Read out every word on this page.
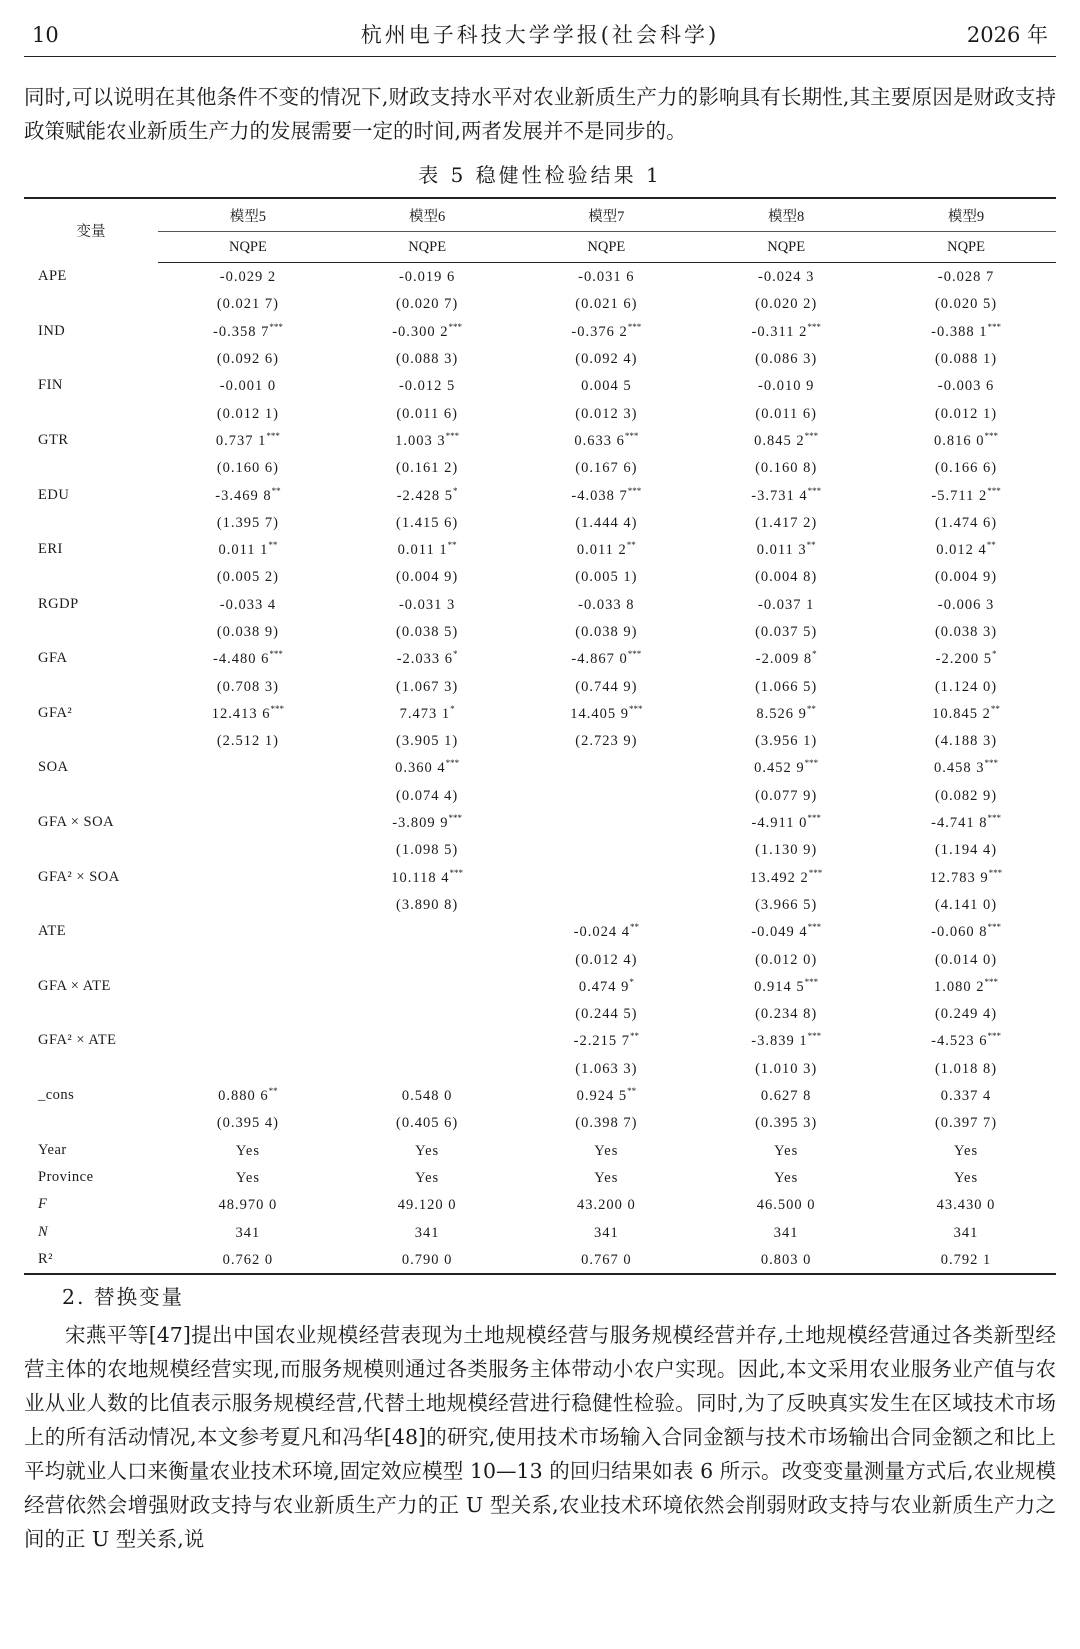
杭州电子科技大学学报(社会科学)
10	2026 年
同时,可以说明在其他条件不变的情况下,财政支持水平对农业新质生产力的影响具有长期性,其主要原因是财政支持政策赋能农业新质生产力的发展需要一定的时间,两者发展并不是同步的。
表 5 稳健性检验结果 1
变量	模型5	模型6	模型7	模型8	模型9
	NQPE	NQPE	NQPE	NQPE	NQPE
APE	-0.029 2	-0.019 6	-0.031 6	-0.024 3	-0.028 7
	(0.021 7)	(0.020 7)	(0.021 6)	(0.020 2)	(0.020 5)
IND	-0.358 7***	-0.300 2***	-0.376 2***	-0.311 2***	-0.388 1***
	(0.092 6)	(0.088 3)	(0.092 4)	(0.086 3)	(0.088 1)
FIN	-0.001 0	-0.012 5	0.004 5	-0.010 9	-0.003 6
	(0.012 1)	(0.011 6)	(0.012 3)	(0.011 6)	(0.012 1)
GTR	0.737 1***	1.003 3***	0.633 6***	0.845 2***	0.816 0***
	(0.160 6)	(0.161 2)	(0.167 6)	(0.160 8)	(0.166 6)
EDU	-3.469 8**	-2.428 5*	-4.038 7***	-3.731 4***	-5.711 2***
	(1.395 7)	(1.415 6)	(1.444 4)	(1.417 2)	(1.474 6)
ERI	0.011 1**	0.011 1**	0.011 2**	0.011 3**	0.012 4**
	(0.005 2)	(0.004 9)	(0.005 1)	(0.004 8)	(0.004 9)
RGDP	-0.033 4	-0.031 3	-0.033 8	-0.037 1	-0.006 3
	(0.038 9)	(0.038 5)	(0.038 9)	(0.037 5)	(0.038 3)
GFA	-4.480 6***	-2.033 6*	-4.867 0***	-2.009 8*	-2.200 5*
	(0.708 3)	(1.067 3)	(0.744 9)	(1.066 5)	(1.124 0)
GFA²	12.413 6***	7.473 1*	14.405 9***	8.526 9**	10.845 2**
	(2.512 1)	(3.905 1)	(2.723 9)	(3.956 1)	(4.188 3)
SOA		0.360 4***		0.452 9***	0.458 3***
		(0.074 4)		(0.077 9)	(0.082 9)
GFA × SOA		-3.809 9***		-4.911 0***	-4.741 8***
		(1.098 5)		(1.130 9)	(1.194 4)
GFA² × SOA		10.118 4***		13.492 2***	12.783 9***
		(3.890 8)		(3.966 5)	(4.141 0)
ATE			-0.024 4**	-0.049 4***	-0.060 8***
			(0.012 4)	(0.012 0)	(0.014 0)
GFA × ATE			0.474 9*	0.914 5***	1.080 2***
			(0.244 5)	(0.234 8)	(0.249 4)
GFA² × ATE			-2.215 7**	-3.839 1***	-4.523 6***
			(1.063 3)	(1.010 3)	(1.018 8)
_cons	0.880 6**	0.548 0	0.924 5**	0.627 8	0.337 4
	(0.395 4)	(0.405 6)	(0.398 7)	(0.395 3)	(0.397 7)
Year	Yes	Yes	Yes	Yes	Yes
Province	Yes	Yes	Yes	Yes	Yes
F	48.970 0	49.120 0	43.200 0	46.500 0	43.430 0
N	341	341	341	341	341
R²	0.762 0	0.790 0	0.767 0	0.803 0	0.792 1
2. 替换变量
宋燕平等[47]提出中国农业规模经营表现为土地规模经营与服务规模经营并存,土地规模经营通过各类新型经营主体的农地规模经营实现,而服务规模则通过各类服务主体带动小农户实现。因此,本文采用农业服务业产值与农业从业人数的比值表示服务规模经营,代替土地规模经营进行稳健性检验。同时,为了反映真实发生在区域技术市场上的所有活动情况,本文参考夏凡和冯华[48]的研究,使用技术市场输入合同金额与技术市场输出合同金额之和比上平均就业人口来衡量农业技术环境,固定效应模型 10—13 的回归结果如表 6 所示。改变变量测量方式后,农业规模经营依然会增强财政支持与农业新质生产力的正 U 型关系,农业技术环境依然会削弱财政支持与农业新质生产力之间的正 U 型关系,说
